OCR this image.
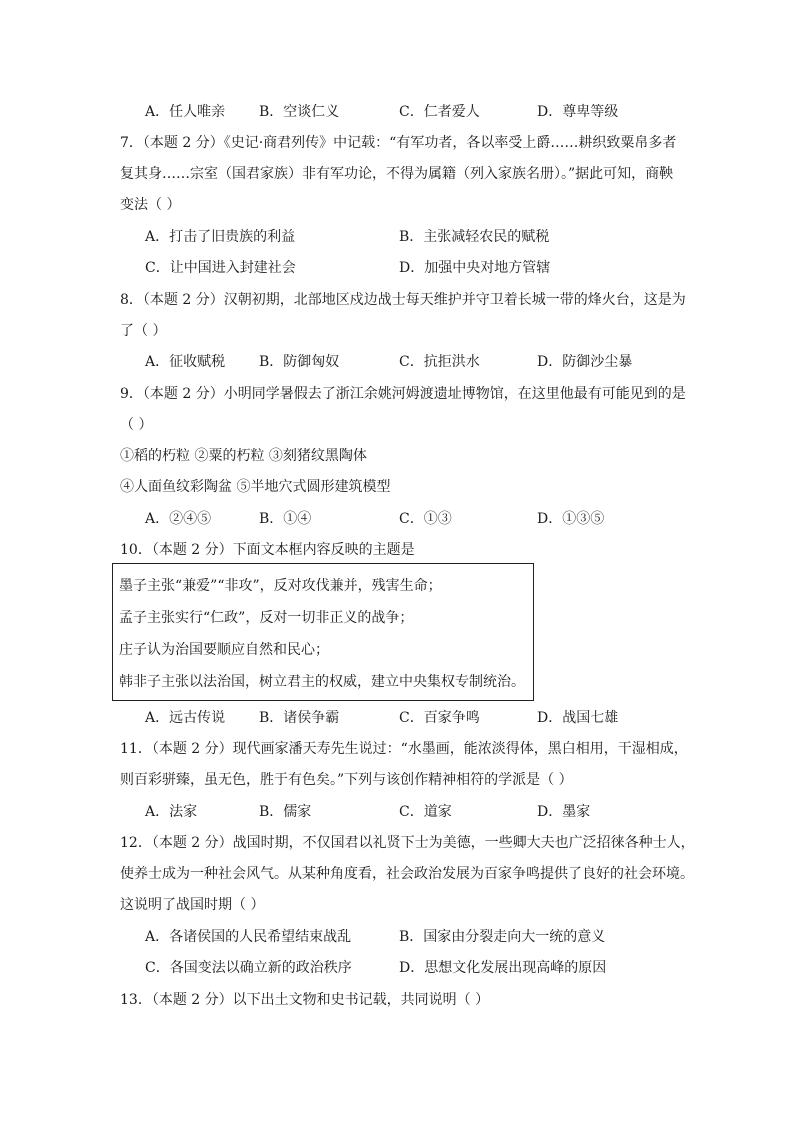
A．任人唯亲 B．空谈仁义	C．仁者爱人	D．尊卑等级
7．（本题 2 分）《史记·商君列传》中记载：“有军功者，各以率受上爵……耕织致粟帛多者
复其身……宗室（国君家族）非有军功论，不得为属籍（列入家族名册）。”据此可知，商鞅
变法（ ）
A．打击了旧贵族的利益	B．主张减轻农民的赋税
C．让中国进入封建社会	D．加强中央对地方管辖
8．（本题 2 分）汉朝初期，北部地区戍边战士每天维护并守卫着长城一带的烽火台，这是为
了（ ）
A．征收赋税 B．防御匈奴	C．抗拒洪水	D．防御沙尘暴
9．（本题 2 分）小明同学暑假去了浙江余姚河姆渡遗址博物馆，在这里他最有可能见到的是
（ ）
①稻的朽粒 ②粟的朽粒 ③刻猪纹黑陶体
④人面鱼纹彩陶盆 ⑤半地穴式圆形建筑模型
A．②④⑤	B．①④	C．①③	D．①③⑤
10．（本题 2 分）下面文本框内容反映的主题是
墨子主张“兼爱”“非攻”，反对攻伐兼并，残害生命；
孟子主张实行“仁政”，反对一切非正义的战争；
庄子认为治国要顺应自然和民心；
韩非子主张以法治国，树立君主的权威，建立中央集权专制统治。
A．远古传说 B．诸侯争霸	C．百家争鸣	D．战国七雄
11．（本题 2 分）现代画家潘天寿先生说过：“水墨画，能浓淡得体，黑白相用，干湿相成，
则百彩骈臻，虽无色，胜于有色矣。”下列与该创作精神相符的学派是（ ）
A．法家	B．儒家	C．道家	D．墨家
12．（本题 2 分）战国时期，不仅国君以礼贤下士为美德，一些卿大夫也广泛招徕各种士人，
使养士成为一种社会风气。从某种角度看，社会政治发展为百家争鸣提供了良好的社会环境。
这说明了战国时期（ ）
A．各诸侯国的人民希望结束战乱	B．国家由分裂走向大一统的意义
C．各国变法以确立新的政治秩序	D．思想文化发展出现高峰的原因
13．（本题 2 分）以下出土文物和史书记载，共同说明（ ）
